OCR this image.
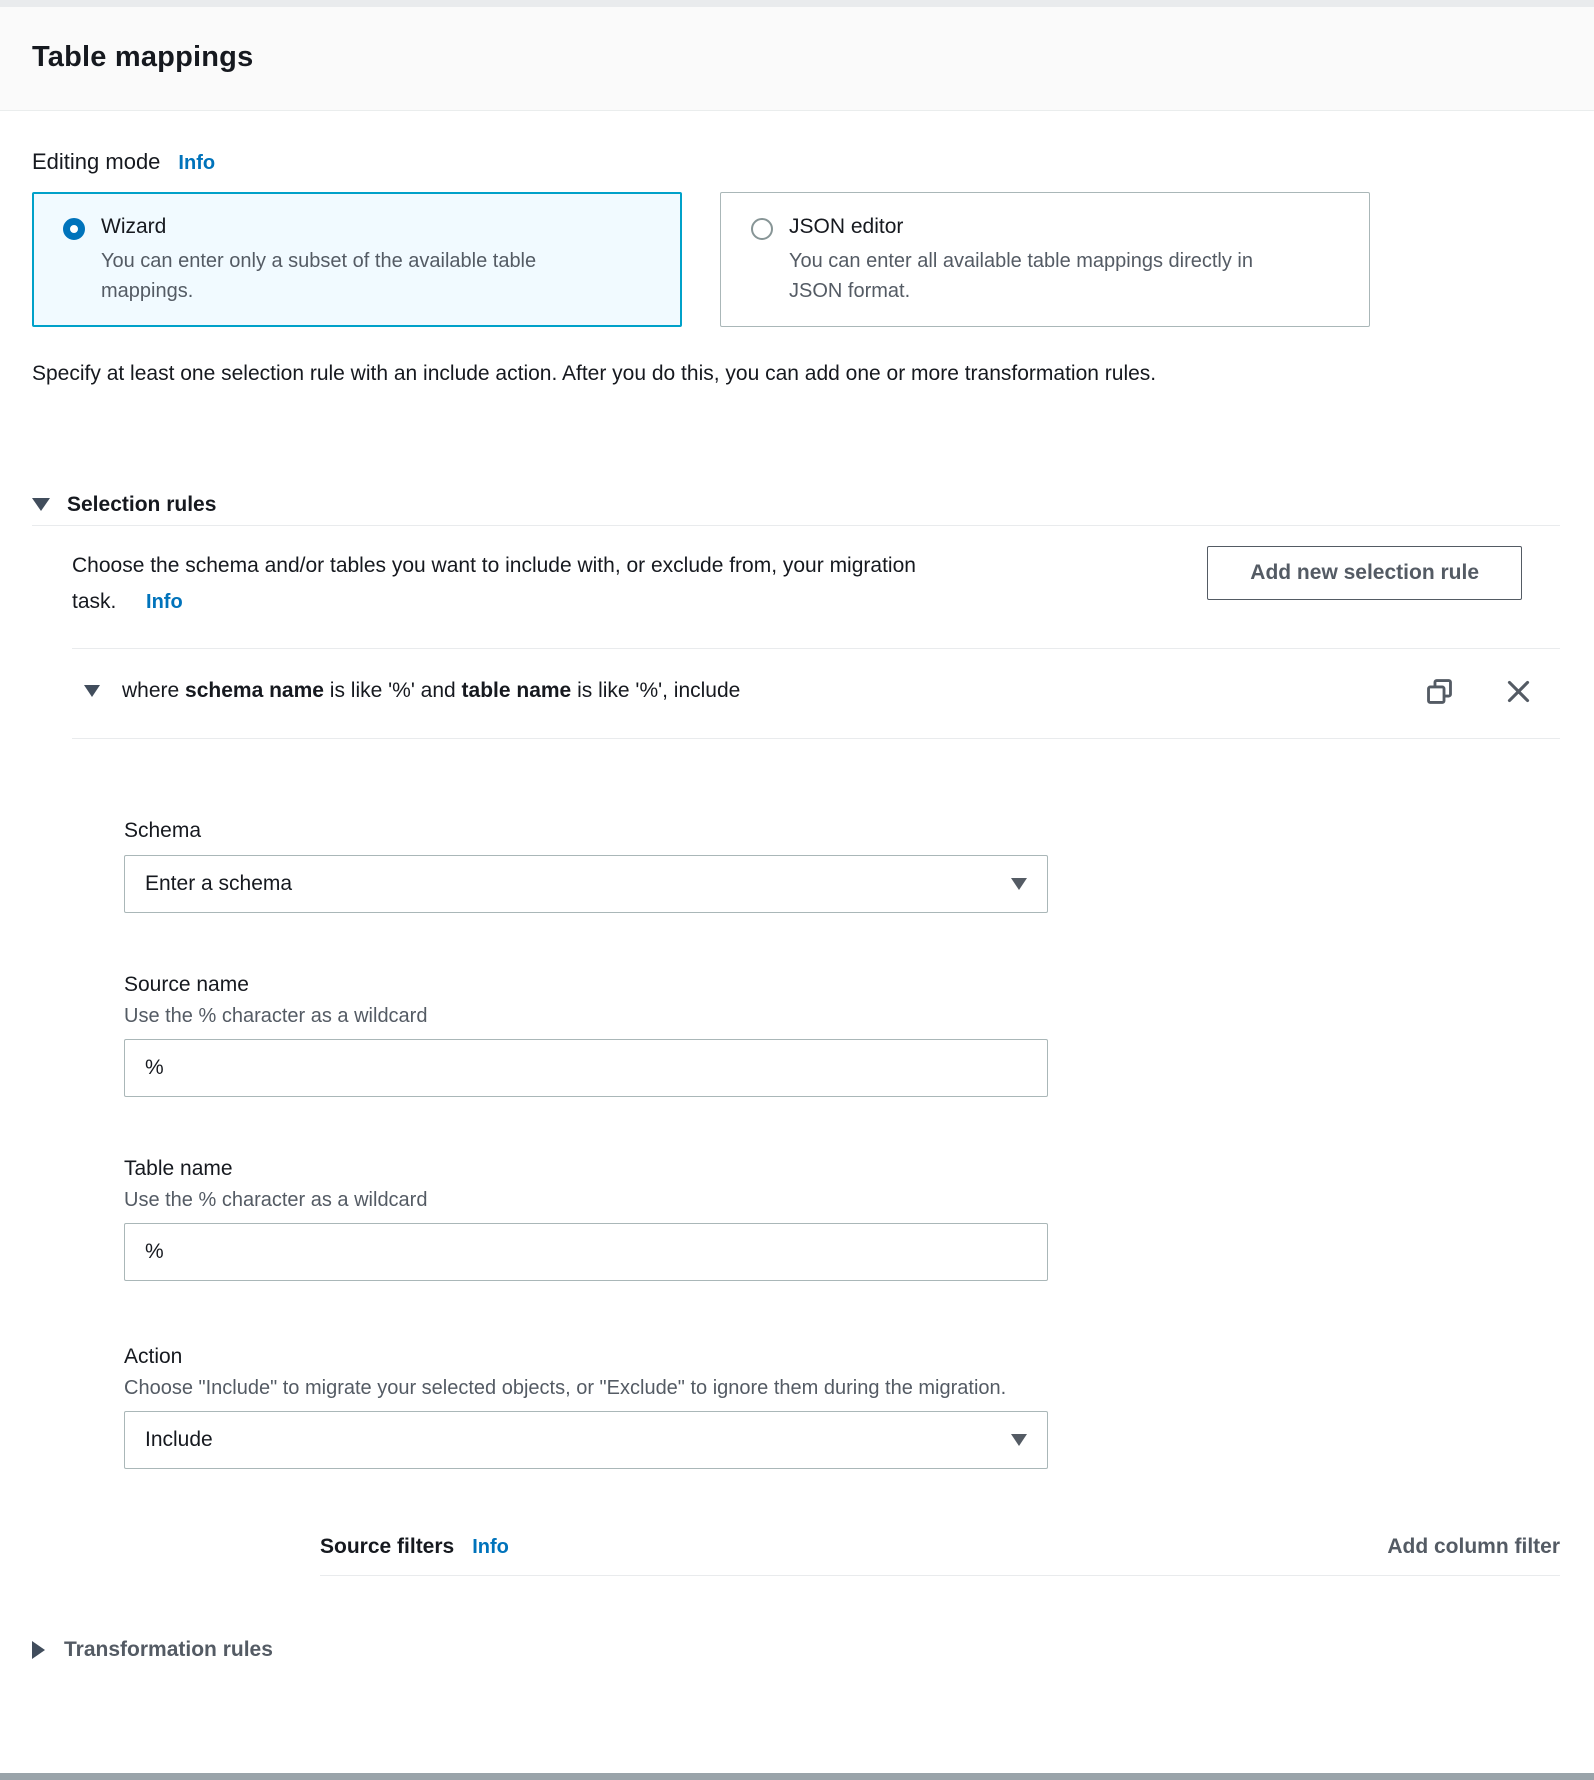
Table mappings
Editing mode Info
Wizard
You can enter only a subset of the available table mappings.
JSON editor
You can enter all available table mappings directly in JSON format.

Specify at least one selection rule with an include action. After you do this, you can add one or more transformation rules.

Selection rules

Choose the schema and/or tables you want to include with, or exclude from, your migration task. Info

Add new selection rule
where schema name is like '%' and table name is like '%', include
Schema
Enter a schema
Source name
Use the % character as a wildcard
%
Table name
Use the % character as a wildcard
%
Action
Choose "Include" to migrate your selected objects, or "Exclude" to ignore them during the migration.
Include
Source filters Info	Add column filter
Transformation rules
